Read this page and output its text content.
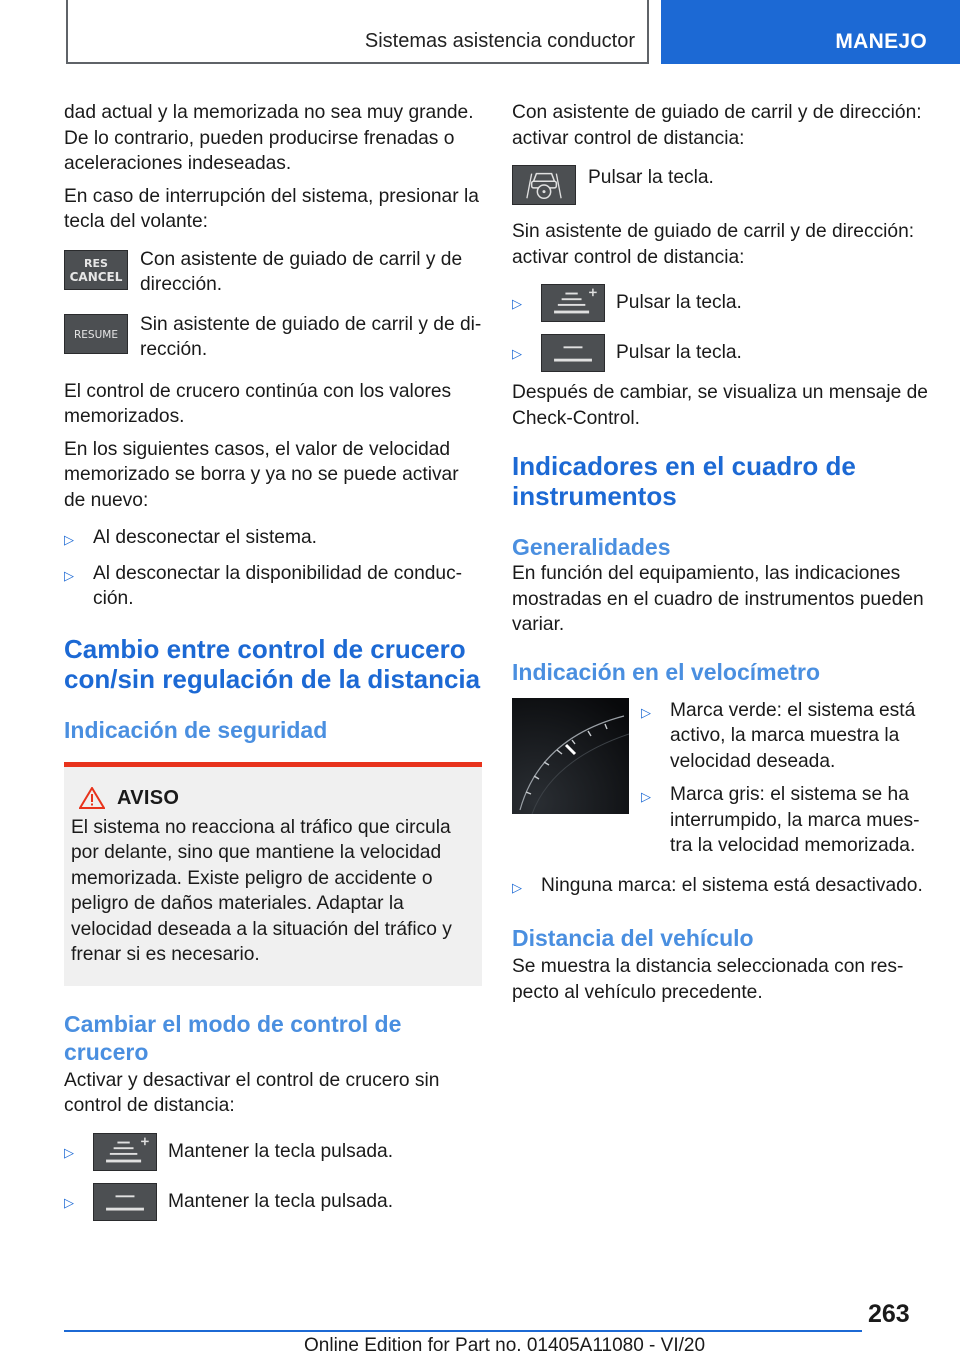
Sistemas asistencia conductor	MANEJO

dad actual y la memorizada no sea muy grande. De lo contrario, pueden producirse frenadas o aceleraciones indeseadas.

En caso de interrupción del sistema, presionar la tecla del volante:

RES
CANCEL
Con asistente de guiado de carril y de dirección.
RESUME	Sin asistente de guiado de carril y de dirección.

El control de crucero continúa con los valores memorizados.

En los siguientes casos, el valor de velocidad memorizado se borra y ya no se puede activar de nuevo:

▷ Al desconectar el sistema.
▷ Al desconectar la disponibilidad de conducción.
Cambio entre control de crucero con/sin regulación de la distancia
Indicación de seguridad
AVISO
El sistema no reacciona al tráfico que circula por delante, sino que mantiene la velocidad memorizada. Existe peligro de accidente o peligro de daños materiales. Adaptar la velocidad deseada a la situación del tráfico y frenar si es necesario.
Cambiar el modo de control de crucero

Activar y desactivar el control de crucero sin control de distancia:

▷	Mantener la tecla pulsada.
▷	Mantener la tecla pulsada.

Con asistente de guiado de carril y de dirección: activar control de distancia:

Pulsar la tecla.

Sin asistente de guiado de carril y de dirección: activar control de distancia:

▷	Pulsar la tecla.
▷	Pulsar la tecla.

Después de cambiar, se visualiza un mensaje de Check-Control.

Indicadores en el cuadro de instrumentos
Generalidades

En función del equipamiento, las indicaciones mostradas en el cuadro de instrumentos pueden variar.

Indicación en el velocímetro
▷ Marca verde: el sistema está activo, la marca muestra la velocidad deseada.
▷ Marca gris: el sistema se ha interrumpido, la marca muestra la velocidad memorizada.
▷ Ninguna marca: el sistema está desactivado.
Distancia del vehículo

Se muestra la distancia seleccionada con respecto al vehículo precedente.

263
Online Edition for Part no. 01405A11080 - VI/20
